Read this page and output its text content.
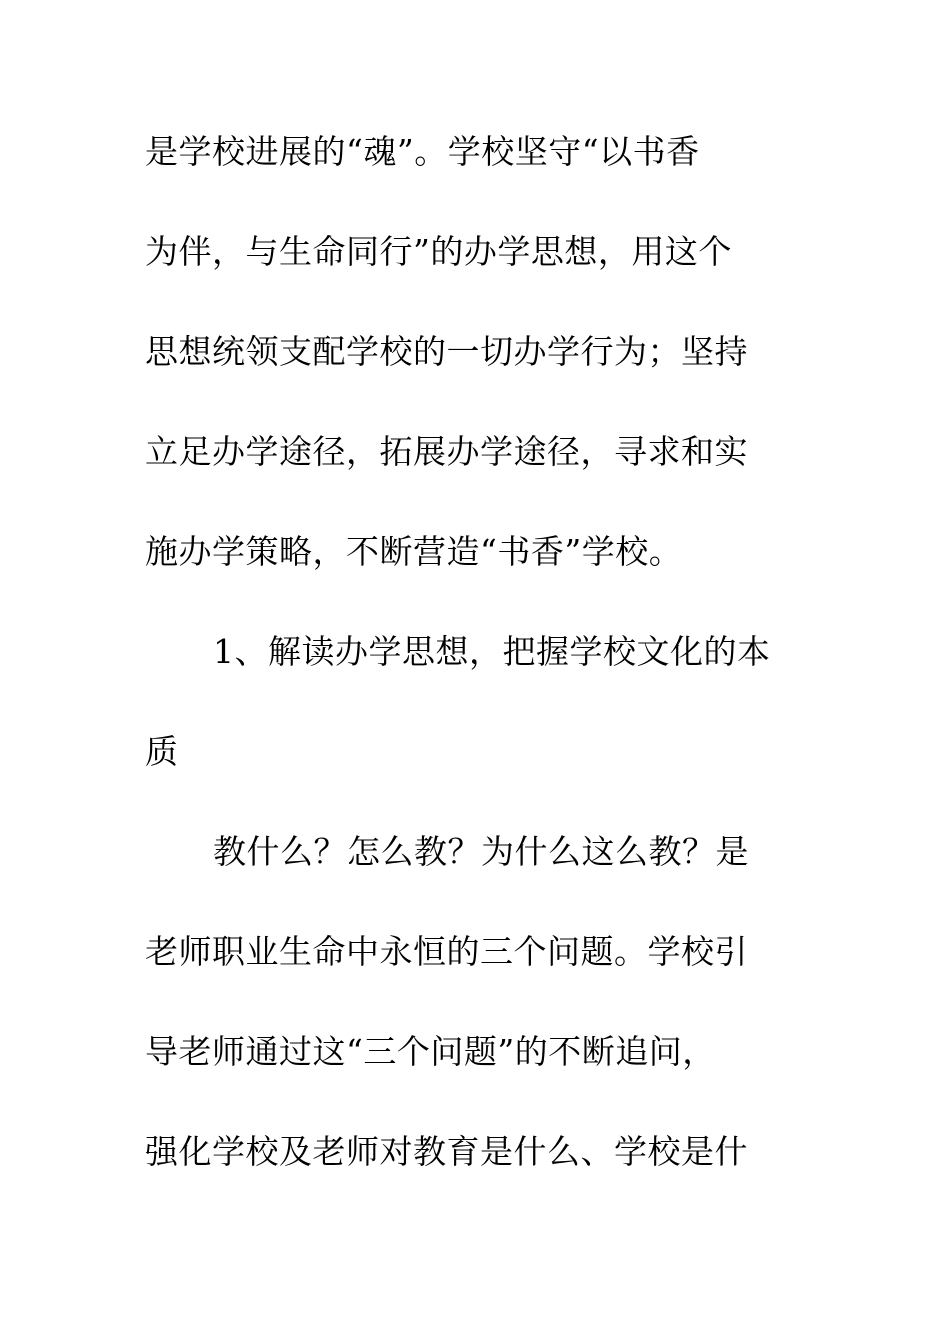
是学校进展的“魂”。学校坚守“以书香
为伴，与生命同行”的办学思想，用这个
思想统领支配学校的一切办学行为；坚持
立足办学途径，拓展办学途径，寻求和实
施办学策略，不断营造“书香”学校。
1、解读办学思想，把握学校文化的本
质
教什么？怎么教？为什么这么教？是
老师职业生命中永恒的三个问题。学校引
导老师通过这“三个问题”的不断追问，
强化学校及老师对教育是什么、学校是什
